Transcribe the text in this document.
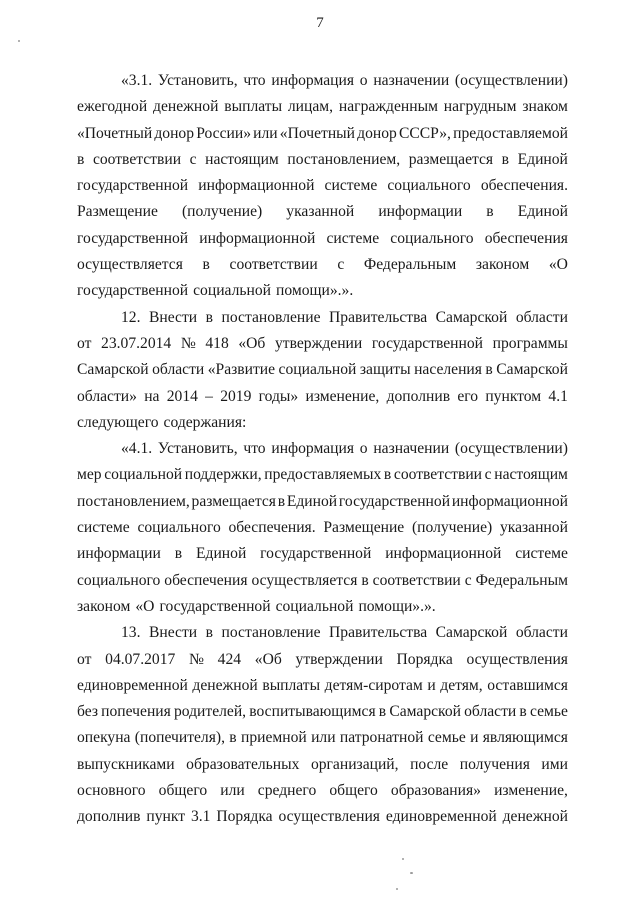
7
«3.1. Установить, что информация о назначении (осуществлении)
ежегодной денежной выплаты лицам, награжденным нагрудным знаком
«Почетный донор России» или «Почетный донор СССР», предоставляемой
в соответствии с настоящим постановлением, размещается в Единой
государственной информационной системе социального обеспечения.
Размещение (получение) указанной информации в Единой
государственной информационной системе социального обеспечения
осуществляется в соответствии с Федеральным законом «О
государственной социальной помощи».».
12. Внести в постановление Правительства Самарской области
от 23.07.2014 № 418 «Об утверждении государственной программы
Самарской области «Развитие социальной защиты населения в Самарской
области» на 2014 – 2019 годы» изменение, дополнив его пунктом 4.1
следующего содержания:
«4.1. Установить, что информация о назначении (осуществлении)
мер социальной поддержки, предоставляемых в соответствии с настоящим
постановлением, размещается в Единой государственной информационной
системе социального обеспечения. Размещение (получение) указанной
информации в Единой государственной информационной системе
социального обеспечения осуществляется в соответствии с Федеральным
законом «О государственной социальной помощи».».
13. Внести в постановление Правительства Самарской области
от 04.07.2017 № 424 «Об утверждении Порядка осуществления
единовременной денежной выплаты детям-сиротам и детям, оставшимся
без попечения родителей, воспитывающимся в Самарской области в семье
опекуна (попечителя), в приемной или патронатной семье и являющимся
выпускниками образовательных организаций, после получения ими
основного общего или среднего общего образования» изменение,
дополнив пункт 3.1 Порядка осуществления единовременной денежной
